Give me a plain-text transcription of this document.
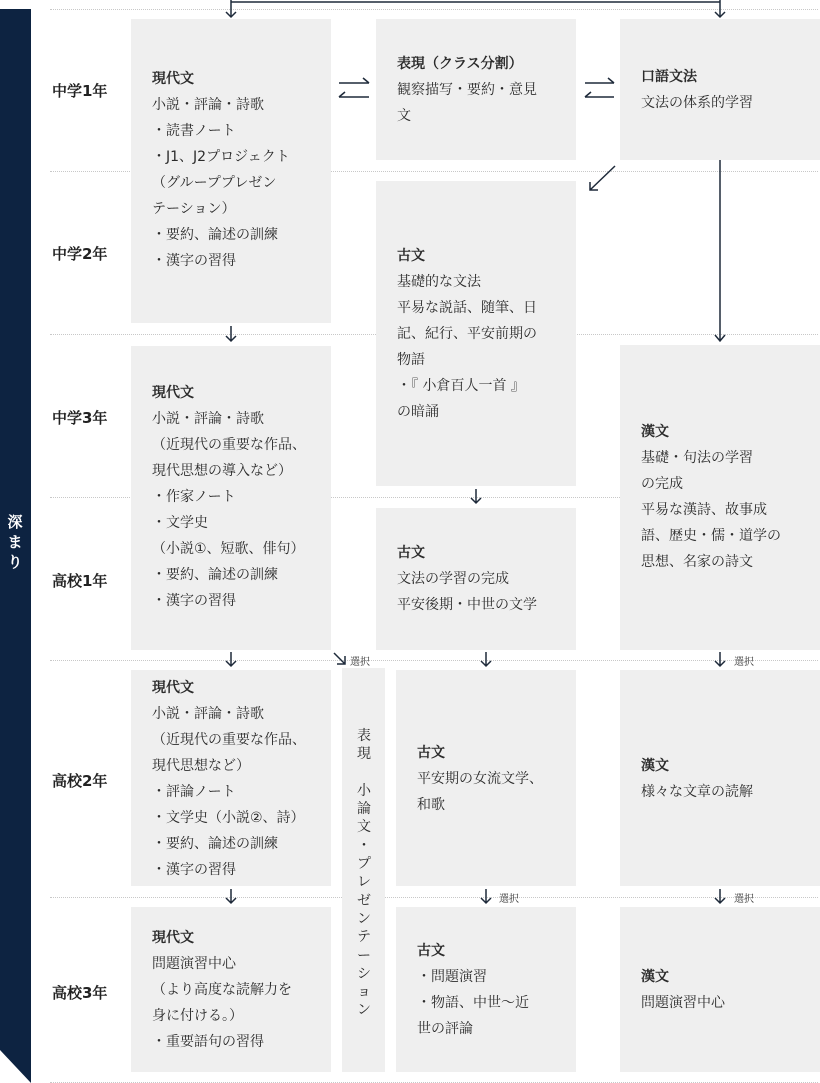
深
ま
り
中学1年
中学2年
中学3年
高校1年
高校2年
高校3年
現代文
小説・評論・詩歌
・読書ノート
・J1、J2プロジェクト
（グループプレゼン
テーション）
・要約、論述の訓練
・漢字の習得
表現（クラス分割）
観察描写・要約・意見
文
口語文法
文法の体系的学習
古文
基礎的な文法
平易な説話、随筆、日
記、紀行、平安前期の
物語
・『 小倉百人一首 』
の暗誦
現代文
小説・評論・詩歌
（近現代の重要な作品、
現代思想の導入など）
・作家ノート
・文学史
（小説①、短歌、俳句）
・要約、論述の訓練
・漢字の習得
漢文
基礎・句法の学習
の完成
平易な漢詩、故事成
語、歴史・儒・道学の
思想、名家の詩文
古文
文法の学習の完成
平安後期・中世の文学
現代文
小説・評論・詩歌
（近現代の重要な作品、
現代思想など）
・評論ノート
・文学史（小説②、詩）
・要約、論述の訓練
・漢字の習得
古文
平安期の女流文学、
和歌
漢文
様々な文章の読解
現代文
問題演習中心
（より高度な読解力を
身に付ける。）
・重要語句の習得
古文
・問題演習
・物語、中世～近
世の評論
漢文
問題演習中心
表
現

小
論
文
・
プ
レ
ゼ
ン
テ
ー
シ
ョ
ン
選択	選択
選択	選択
